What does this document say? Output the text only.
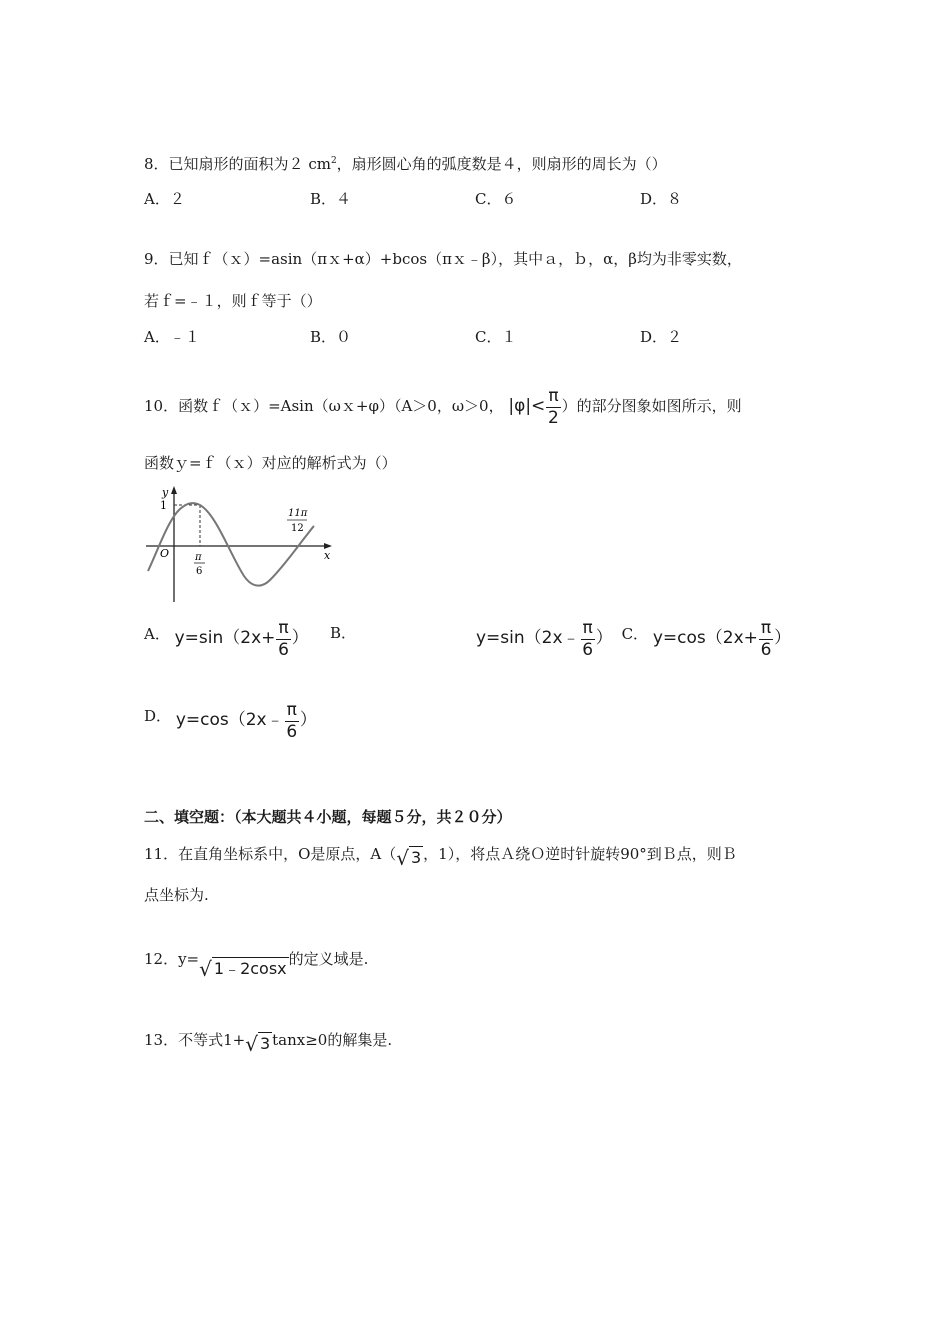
8．已知扇形的面积为２ $cm^2$，扇形圆心角的弧度数是４，则扇形的周长为（）
A．２	B．４	C．６	D．８
9．已知ｆ（ｘ）=asin（πｘ+α）+bcos（πｘ﹣β），其中ａ，ｂ，α，β均为非零实数，
若ｆ=﹣１，则ｆ等于（）
A．﹣１	B．０	C．１	D．２
10．函数ｆ（ｘ）=Asin（ωｘ+φ）（A＞0，ω＞0， $|\varphi|< \frac{\pi}{2}$ ）的部分图象如图所示，则
函数ｙ=ｆ（ｘ）对应的解析式为（）
y
1
O	x
π
6
11π
12
A． $y=\sin(2x+ \frac{\pi}{6}$ ） B．	y=sin（2x﹣ $\frac{\pi}{6}$ ） C． $y=\cos(2x+ \frac{\pi}{6}$ ）
D． y=cos（2x﹣ $\frac{\pi}{6}$ ）
二、填空题：（本大题共４小题，每题５分，共２０分）
11．在直角坐标系中，O是原点，A（ √ 3 ，1），将点Ａ绕Ｏ逆时针旋转90°到Ｂ点，则Ｂ
点坐标为.
12．y= √ 1﹣2cosx 的定义域是.
13．不等式1+ √ 3 tanx≥0的解集是.
